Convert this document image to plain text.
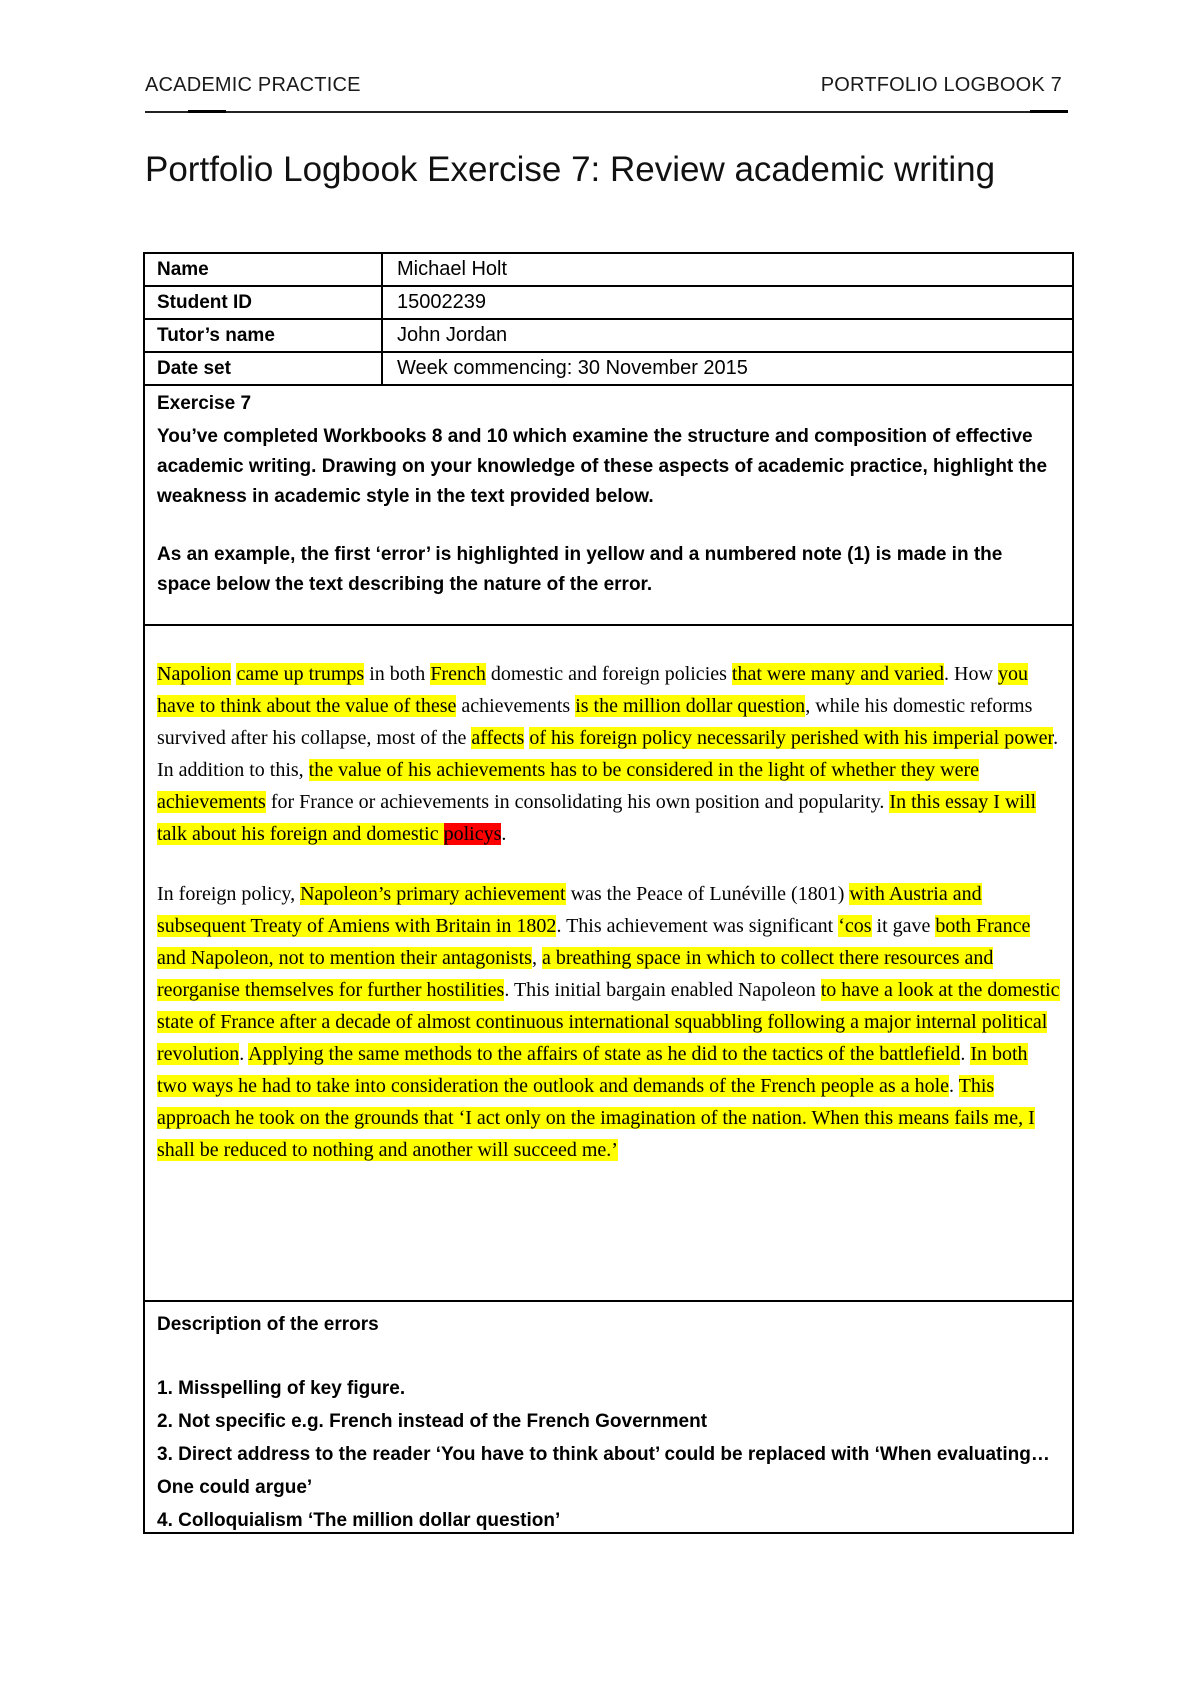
ACADEMIC PRACTICE	PORTFOLIO LOGBOOK 7
Portfolio Logbook Exercise 7: Review academic writing
Name	Michael Holt
Student ID	15002239
Tutor’s name	John Jordan
Date set	Week commencing: 30 November 2015
Exercise 7

You’ve completed Workbooks 8 and 10 which examine the structure and composition of effective academic writing. Drawing on your knowledge of these aspects of academic practice, highlight the weakness in academic style in the text provided below.

As an example, the first ‘error’ is highlighted in yellow and a numbered note (1) is made in the space below the text describing the nature of the error.

Napolion came up trumps in both French domestic and foreign policies that were many and varied. How you have to think about the value of these achievements is the million dollar question, while his domestic reforms survived after his collapse, most of the affects of his foreign policy necessarily perished with his imperial power. In addition to this, the value of his achievements has to be considered in the light of whether they were achievements for France or achievements in consolidating his own position and popularity. In this essay I will talk about his foreign and domestic policys.

In foreign policy, Napoleon’s primary achievement was the Peace of Lunéville (1801) with Austria and subsequent Treaty of Amiens with Britain in 1802. This achievement was significant ‘cos it gave both France and Napoleon, not to mention their antagonists, a breathing space in which to collect there resources and reorganise themselves for further hostilities. This initial bargain enabled Napoleon to have a look at the domestic state of France after a decade of almost continuous international squabbling following a major internal political revolution. Applying the same methods to the affairs of state as he did to the tactics of the battlefield. In both two ways he had to take into consideration the outlook and demands of the French people as a hole. This approach he took on the grounds that ‘I act only on the imagination of the nation. When this means fails me, I shall be reduced to nothing and another will succeed me.’

Description of the errors
1. Misspelling of key figure.
2. Not specific e.g. French instead of the French Government
3. Direct address to the reader ‘You have to think about’ could be replaced with ‘When evaluating… One could argue’
4. Colloquialism ‘The million dollar question’
